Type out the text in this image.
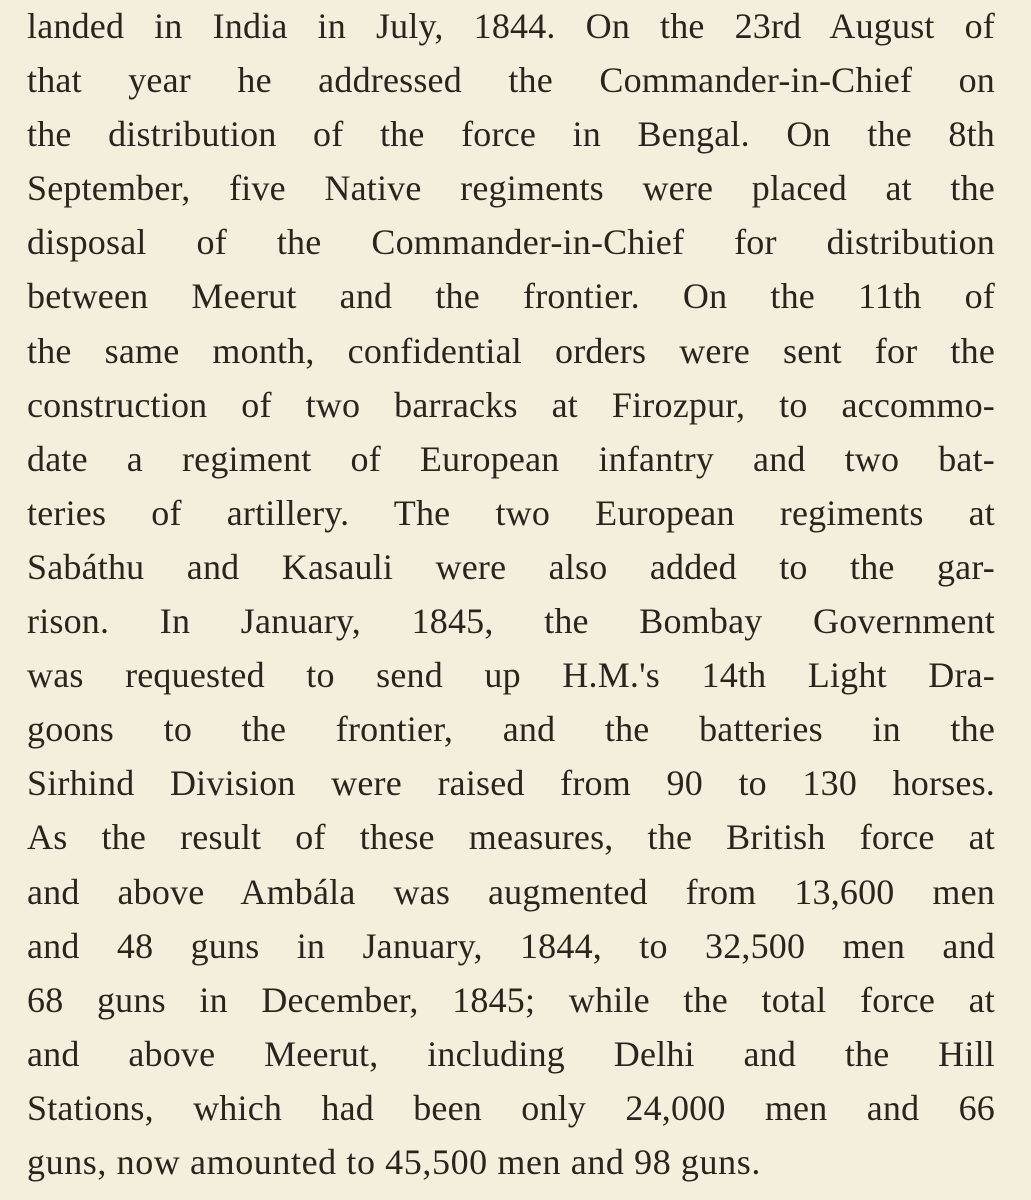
landed in India in July, 1844. On the 23rd August of
that year he addressed the Commander-in-Chief on
the distribution of the force in Bengal. On the 8th
September, five Native regiments were placed at the
disposal of the Commander-in-Chief for distribution
between Meerut and the frontier. On the 11th of
the same month, confidential orders were sent for the
construction of two barracks at Firozpur, to accommo-
date a regiment of European infantry and two bat-
teries of artillery. The two European regiments at
Sabáthu and Kasauli were also added to the gar-
rison. In January, 1845, the Bombay Government
was requested to send up H.M.'s 14th Light Dra-
goons to the frontier, and the batteries in the
Sirhind Division were raised from 90 to 130 horses.
As the result of these measures, the British force at
and above Ambála was augmented from 13,600 men
and 48 guns in January, 1844, to 32,500 men and
68 guns in December, 1845; while the total force at
and above Meerut, including Delhi and the Hill
Stations, which had been only 24,000 men and 66
guns, now amounted to 45,500 men and 98 guns.
